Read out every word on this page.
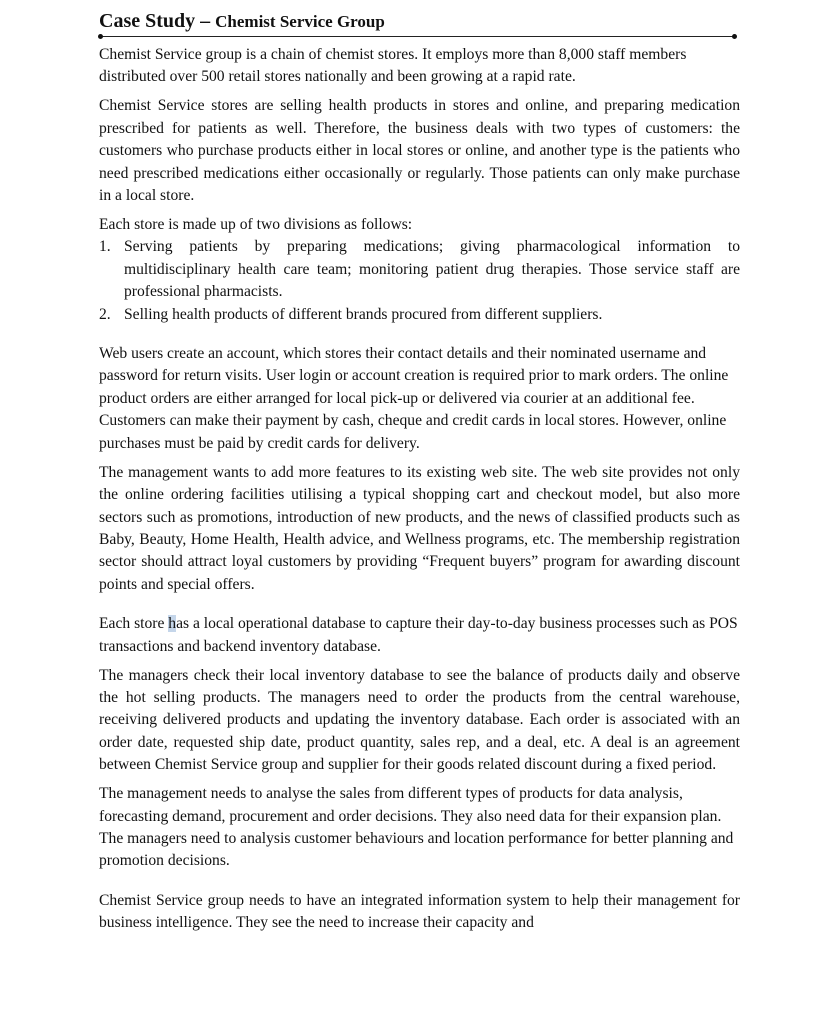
Case Study – Chemist Service Group

Chemist Service group is a chain of chemist stores. It employs more than 8,000 staff members distributed over 500 retail stores nationally and been growing at a rapid rate.

Chemist Service stores are selling health products in stores and online, and preparing medication prescribed for patients as well. Therefore, the business deals with two types of customers: the customers who purchase products either in local stores or online, and another type is the patients who need prescribed medications either occasionally or regularly. Those patients can only make purchase in a local store.

Each store is made up of two divisions as follows:

1. Serving patients by preparing medications; giving pharmacological information to multidisciplinary health care team; monitoring patient drug therapies. Those service staff are professional pharmacists.
2. Selling health products of different brands procured from different suppliers.

Web users create an account, which stores their contact details and their nominated username and password for return visits. User login or account creation is required prior to mark orders. The online product orders are either arranged for local pick-up or delivered via courier at an additional fee. Customers can make their payment by cash, cheque and credit cards in local stores. However, online purchases must be paid by credit cards for delivery.

The management wants to add more features to its existing web site. The web site provides not only the online ordering facilities utilising a typical shopping cart and checkout model, but also more sectors such as promotions, introduction of new products, and the news of classified products such as Baby, Beauty, Home Health, Health advice, and Wellness programs, etc. The membership registration sector should attract loyal customers by providing “Frequent buyers” program for awarding discount points and special offers.

Each store has a local operational database to capture their day-to-day business processes such as POS transactions and backend inventory database.

The managers check their local inventory database to see the balance of products daily and observe the hot selling products. The managers need to order the products from the central warehouse, receiving delivered products and updating the inventory database. Each order is associated with an order date, requested ship date, product quantity, sales rep, and a deal, etc. A deal is an agreement between Chemist Service group and supplier for their goods related discount during a fixed period.

The management needs to analyse the sales from different types of products for data analysis, forecasting demand, procurement and order decisions. They also need data for their expansion plan. The managers need to analysis customer behaviours and location performance for better planning and promotion decisions.

Chemist Service group needs to have an integrated information system to help their management for business intelligence. They see the need to increase their capacity and
